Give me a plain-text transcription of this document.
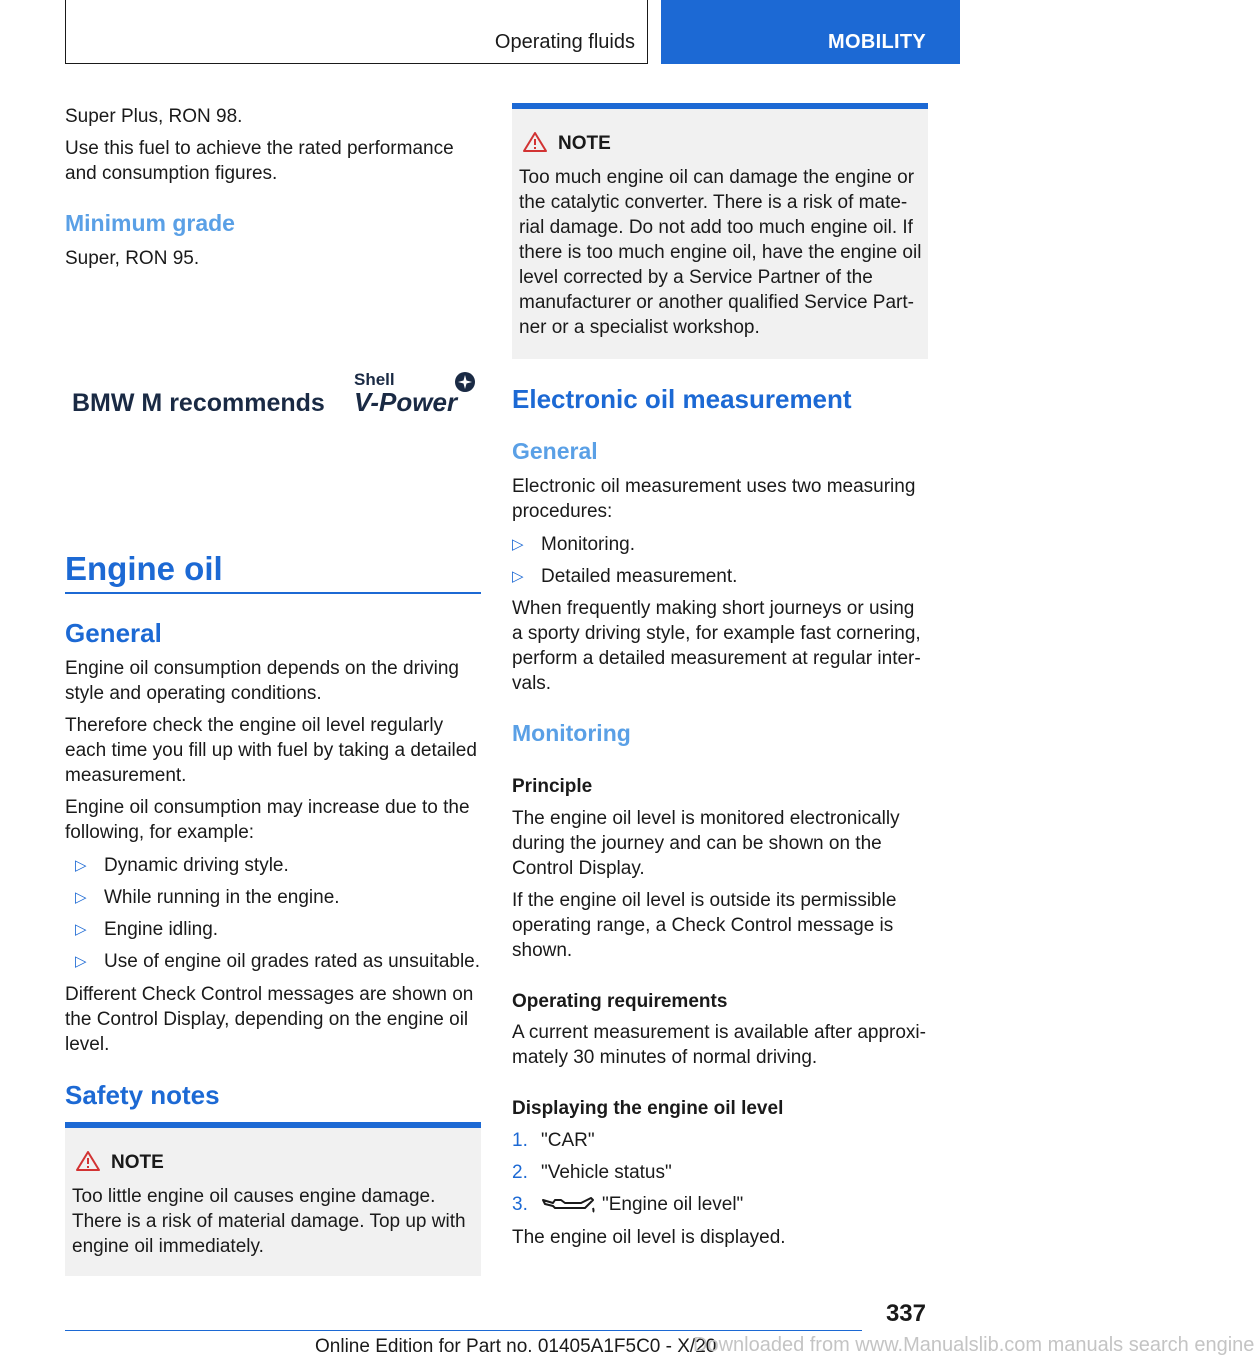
Operating fluids	MOBILITY

Super Plus, RON 98.

Use this fuel to achieve the rated performance and consumption figures.

Minimum grade

Super, RON 95.

BMW M recommends
Shell
V-Power
Engine oil
General

Engine oil consumption depends on the driving style and operating conditions.

Therefore check the engine oil level regularly each time you fill up with fuel by taking a detailed measurement.

Engine oil consumption may increase due to the following, for example:

▷ Dynamic driving style.
▷ While running in the engine.
▷ Engine idling.
▷ Use of engine oil grades rated as unsuitable.

Different Check Control messages are shown on the Control Display, depending on the engine oil level.

Safety notes
NOTE

Too little engine oil causes engine damage. There is a risk of material damage. Top up with engine oil immediately.

NOTE

Too much engine oil can damage the engine or the catalytic converter. There is a risk of material damage. Do not add too much engine oil. If there is too much engine oil, have the engine oil level corrected by a Service Partner of the manufacturer or another qualified Service Partner or a specialist workshop.

Electronic oil measurement
General

Electronic oil measurement uses two measuring procedures:

▷ Monitoring.
▷ Detailed measurement.

When frequently making short journeys or using a sporty driving style, for example fast cornering, perform a detailed measurement at regular intervals.

Monitoring
Principle

The engine oil level is monitored electronically during the journey and can be shown on the Control Display.

If the engine oil level is outside its permissible operating range, a Check Control message is shown.

Operating requirements

A current measurement is available after approximately 30 minutes of normal driving.

Displaying the engine oil level
1. "CAR"
2. "Vehicle status"
3.	"Engine oil level"

The engine oil level is displayed.

337
Online Edition for Part no. 01405A1F5C0 - X/20
Downloaded from www.Manualslib.com manuals search engine
